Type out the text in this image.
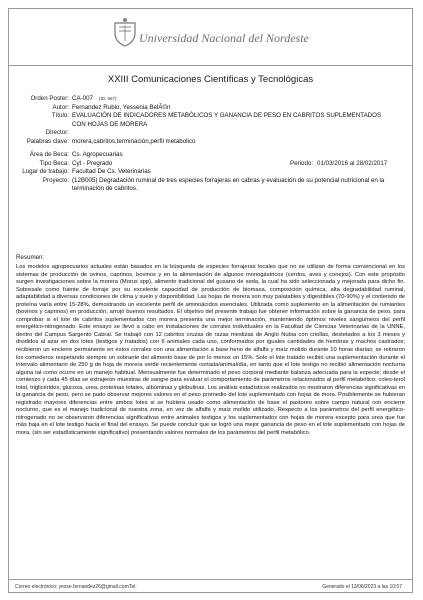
Universidad Nacional del Nordeste
XXIII Comunicaciones Científicas y Tecnológicas
Orden Poster: CA-007 (ID: 667)
Autor: Fernandez Rubio, Yessenia BelÃ©n
Título: EVALUACIÓN DE INDICADORES METABÓLICOS Y GANANCIA DE PESO EN CABRITOS SUPLEMENTADOS CON HOJAS DE MORERA
Director:
Palabras clave: morera,cabritos,terminación,perfil metabolico
Área de Beca: Cs. Agropecuarias
Tipo Beca: Cyt - Pregrado	Periodo: 01/03/2016 al 28/02/2017
Lugar de trabajo: Facultad De Cs. Veterinarias
Proyecto: (12B005) Degradación ruminal de tres especies forrajeras en cabras y evaluación de su potencial nutricional en la terminación de cabritos.
Resumen:
Los modelos agropecuarios actuales están basados en la búsqueda de especies forrajeras locales que no se utilizan de forma convencional en los sistemas de producción de ovinos, caprinos, bovinos y en la alimentación de algunos monogástricos (cerdos, aves y conejos). Con este propósito surgen investigaciones sobre la morera (Morus spp), alimento tradicional del gusano de seda, la cual ha sido seleccionada y mejorada para dicho fin. Sobresale como fuente de forraje por su excelente capacidad de producción de biomasa, composición química, alta degradabilidad ruminal, adaptabilidad a diversas condiciones de clima y suelo y disponibilidad. Las hojas de morera son muy palatables y digestibles (70-90%) y el contenido de proteína varía entre 15-28%, demostrando un excelente perfil de aminoácidos esenciales. Utilizada como suplemento en la alimentación de rumiantes (bovinos y caprinos) en producción, arrojó buenos resultados. El objetivo del presente trabajo fue obtener información sobre la ganancia de peso, para comprobar si el lote de cabritos suplementados con morera presenta una mejor terminación, manteniendo óptimos niveles sanguíneos del perfil energético-nitrogenado. Este ensayo se llevó a cabo en instalaciones de corrales individuales en la Facultad de Ciencias Veterinarias de la UNNE, dentro del Campus Sargento Cabral. Se trabajó con 12 cabritos cruzas de razas mestizas de Anglo Nubia con criollas, destetados a los 3 meses y divididos al azar en dos lotes (testigos y tratados) con 6 animales cada uno, conformados por iguales cantidades de hembras y machos castrados; recibieron un encierre permanente en estos corrales con una alimentación a base heno de alfalfa y maíz molido durante 10 horas diarias; se retiraron los comederos respetando siempre un sobrante del alimento base de por lo menos un 15%. Solo el lote tratado recibió una suplementación durante el intervalo alimentario de 250 g de hoja de morera verde recientemente cortada/animal/día, en tanto que el lote testigo no recibió alimentación nocturna alguna tal como ocurre en un manejo habitual. Mensualmente fue determinado el peso corporal mediante balanza adecuada para la especie; desde el comienzo y cada 45 días se extrajeron muestras de sangre para evaluar el comportamiento de parámetros relacionados al perfil metabólico: coles-terol total, triglicéridos, glucosa, urea, proteínas totales, albúminas y globulinas. Los análisis estadísticos realizados no mostraron diferencias significativas en la ganancia de peso, pero se pudo observar mejores valores en el peso promedio del lote suplementado con hojas de mora. Posiblemente se hubieran registrado mayores diferencias entre ambos lotes si se hubiera usado como alimentación de base el pastoreo sobre campo natural con encierre nocturno, que es el manejo tradicional de nuestra zona, en vez de alfalfa y maíz molido utilizado. Respecto a los parámetros del perfil energético-nitrogenado no se observaron diferencias significativas entre animales testigos y los suplementados con hojas de morera excepto para urea que fue más baja en el lote testigo hacia el final del ensayo. Se puede concluir que se logró una mejor ganancia de peso en el lote suplementado con hojas de mora, (sin ser estadísticamente significativo) presentando valores normales de los parámetros del perfil metabólico.
Correo electrónico: yesse.fernandez26@gmail.com Tel:	Generado el 13/06/2023 a las 10:57
